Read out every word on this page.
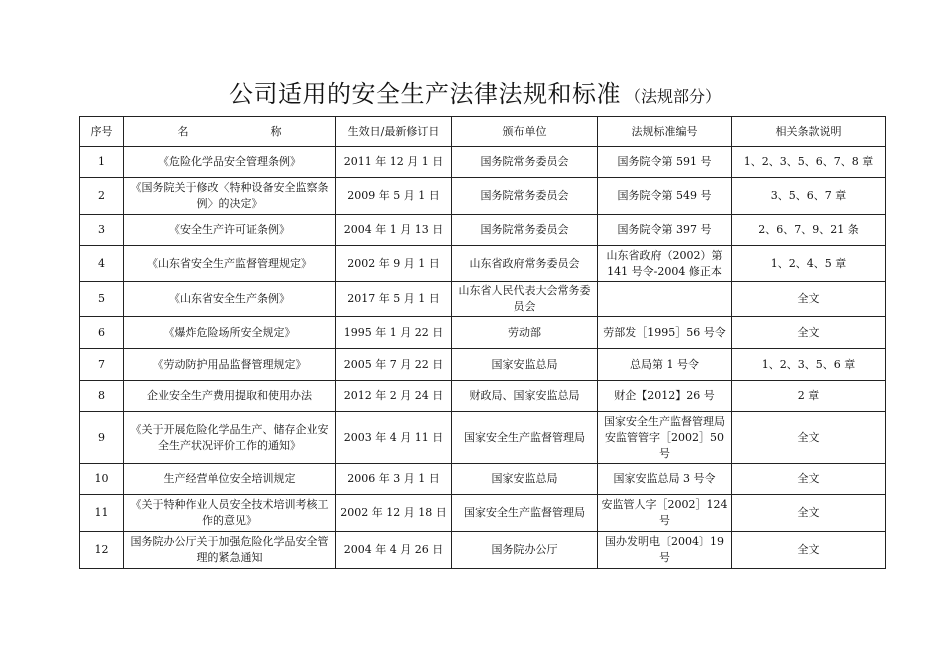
公司适用的安全生产法律法规和标准 （法规部分）
序号	名 称	生效日/最新修订日	颁布单位	法规标准编号	相关条款说明
1	《危险化学品安全管理条例》	2011 年 12 月 1 日	国务院常务委员会	国务院令第 591 号	1、2、3、5、6、7、8 章
2	《国务院关于修改〈特种设备安全监察条例〉的决定》	2009 年 5 月 1 日	国务院常务委员会	国务院令第 549 号	3、5、6、7 章
3	《安全生产许可证条例》	2004 年 1 月 13 日	国务院常务委员会	国务院令第 397 号	2、6、7、9、21 条
4	《山东省安全生产监督管理规定》	2002 年 9 月 1 日	山东省政府常务委员会	山东省政府（2002）第 141 号令-2004 修正本	1、2、4、5 章
5	《山东省安全生产条例》	2017 年 5 月 1 日	山东省人民代表大会常务委员会		全文
6	《爆炸危险场所安全规定》	1995 年 1 月 22 日	劳动部	劳部发［1995］56 号令	全文
7	《劳动防护用品监督管理规定》	2005 年 7 月 22 日	国家安监总局	总局第 1 号令	1、2、3、5、6 章
8	企业安全生产费用提取和使用办法	2012 年 2 月 24 日	财政局、国家安监总局	财企【2012】26 号	2 章
9	《关于开展危险化学品生产、储存企业安全生产状况评价工作的通知》	2003 年 4 月 11 日	国家安全生产监督管理局	国家安全生产监督管理局安监管管字［2002］50 号	全文
10	生产经营单位安全培训规定	2006 年 3 月 1 日	国家安监总局	国家安监总局 3 号令	全文
11	《关于特种作业人员安全技术培训考核工作的意见》	2002 年 12 月 18 日	国家安全生产监督管理局	安监管人字［2002］124 号	全文
12	国务院办公厅关于加强危险化学品安全管理的紧急通知	2004 年 4 月 26 日	国务院办公厅	国办发明电〔2004〕19 号	全文
